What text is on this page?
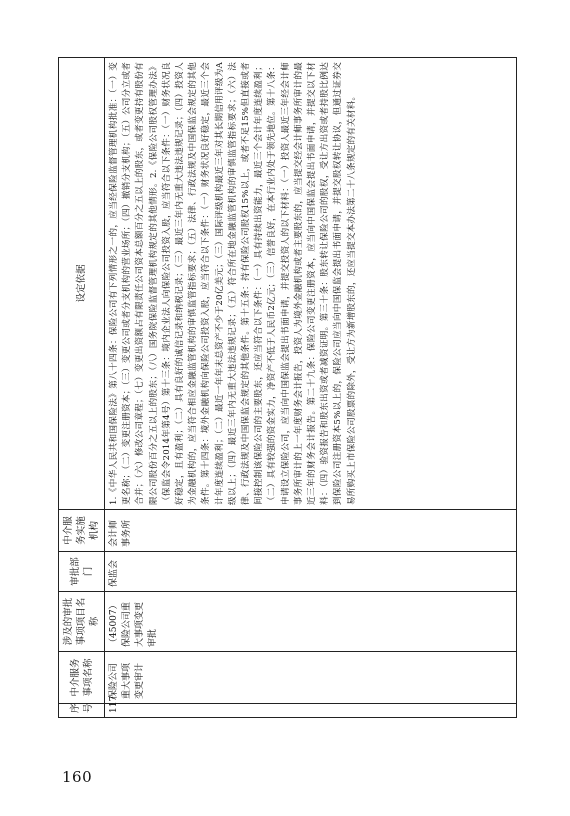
序号	中介服务事项名称	涉及的审批事项项目名称	审批部门	中介服务实施机构	设定依据
117	保险公司重大事项变更审计	（45007）保险公司重大事项变更审批	保监会	会计师事务所	1.《中华人民共和国保险法》第八十四条：保险公司有下列情形之一的，应当经保险监督管理机构批准：（一）变更名称；（二）变更注册资本；（三）变更公司或者分支机构的营业场所；（四）撤销分支机构；（五）公司分立或者合并；（六）修改公司章程；（七）变更出资额占有限责任公司资本总额百分之五以上的股东，或者变更持有股份有限公司股份百分之五以上的股东；（八）国务院保险监督管理机构规定的其他情形。2.《保险公司股权管理办法》（保监会令2014年第4号）第十三条：境内企业法人向保险公司投资入股，应当符合以下条件：（一）财务状况良好稳定，且有盈利；（二）具有良好的诚信记录和纳税记录；（三）最近三年内无重大违法违规记录；（四）投资人为金融机构的，应当符合相应金融监管机构的审慎监管指标要求；（五）法律、行政法规及中国保监会规定的其他条件。第十四条：境外金融机构向保险公司投资入股，应当符合以下条件：（一）财务状况良好稳定，最近三个会计年度连续盈利；（二）最近一年年末总资产不少于20亿美元；（三）国际评级机构最近三年对其长期信用评级为A级以上；（四）最近三年内无重大违法违规记录；（五）符合所在地金融监管机构的审慎监管指标要求；（六）法律、行政法规及中国保监会规定的其他条件。第十五条：持有保险公司股权15%以上，或者不足15%但直接或者间接控制该保险公司的主要股东，还应当符合以下条件：（一）具有持续出资能力，最近三个会计年度连续盈利；（二）具有较强的资金实力，净资产不低于人民币2亿元；（三）信誉良好，在本行业内处于领先地位。第十八条：申请设立保险公司，应当向中国保监会提出书面申请，并提交投资人的以下材料：（一）投资人最近三年经会计师事务所审计的上一年度财务会计报告，投资人为境外金融机构或者主要股东的，应当提交经会计师事务所审计的最近三年的财务会计报告。第二十九条：保险公司变更注册资本，应当向中国保监会提出书面申请，并提交以下材料：（四）验资报告和股东出资或者减资证明。第三十条：股东转让保险公司的股权，受让方出资或者持股比例达到保险公司注册资本5%以上的，保险公司应当向中国保监会提出书面申请，并提交股权转让协议，但通过证券交易所购买上市保险公司股票的除外，受让方为新增股东的，还应当提交本办法第二十八条规定的有关材料。
160
